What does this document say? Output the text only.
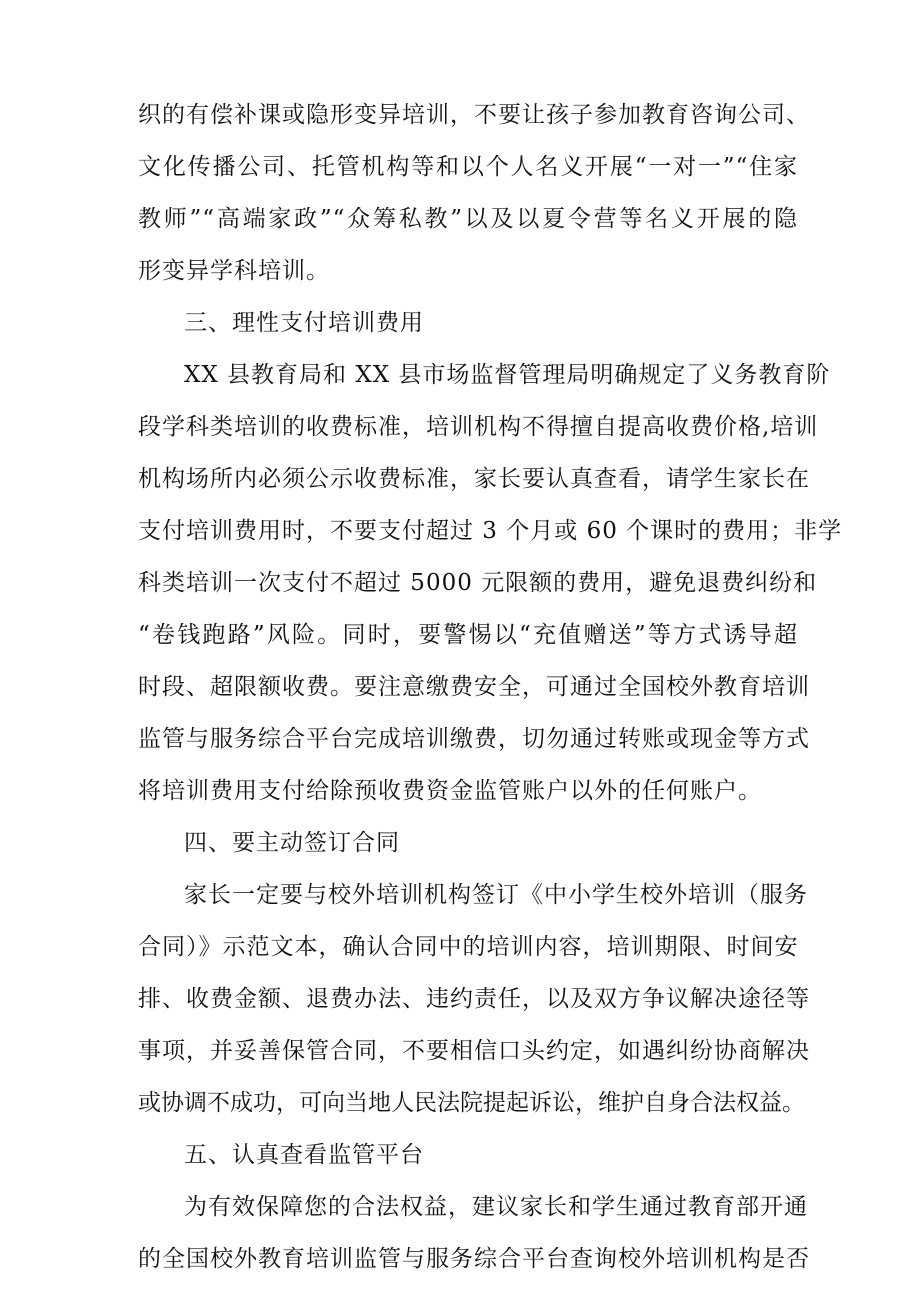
织的有偿补课或隐形变异培训，不要让孩子参加教育咨询公司、
文化传播公司、托管机构等和以个人名义开展“一对一”“住家
教师”“高端家政”“众筹私教”以及以夏令营等名义开展的隐
形变异学科培训。
三、理性支付培训费用
XX 县教育局和 XX 县市场监督管理局明确规定了义务教育阶
段学科类培训的收费标准，培训机构不得擅自提高收费价格,培训
机构场所内必须公示收费标准，家长要认真查看，请学生家长在
支付培训费用时，不要支付超过 3 个月或 60 个课时的费用；非学
科类培训一次支付不超过 5000 元限额的费用，避免退费纠纷和
“卷钱跑路”风险。同时，要警惕以“充值赠送”等方式诱导超
时段、超限额收费。要注意缴费安全，可通过全国校外教育培训
监管与服务综合平台完成培训缴费，切勿通过转账或现金等方式
将培训费用支付给除预收费资金监管账户以外的任何账户。
四、要主动签订合同
家长一定要与校外培训机构签订《中小学生校外培训（服务
合同）》示范文本，确认合同中的培训内容，培训期限、时间安
排、收费金额、退费办法、违约责任，以及双方争议解决途径等
事项，并妥善保管合同，不要相信口头约定，如遇纠纷协商解决
或协调不成功，可向当地人民法院提起诉讼，维护自身合法权益。
五、认真查看监管平台
为有效保障您的合法权益，建议家长和学生通过教育部开通
的全国校外教育培训监管与服务综合平台查询校外培训机构是否
